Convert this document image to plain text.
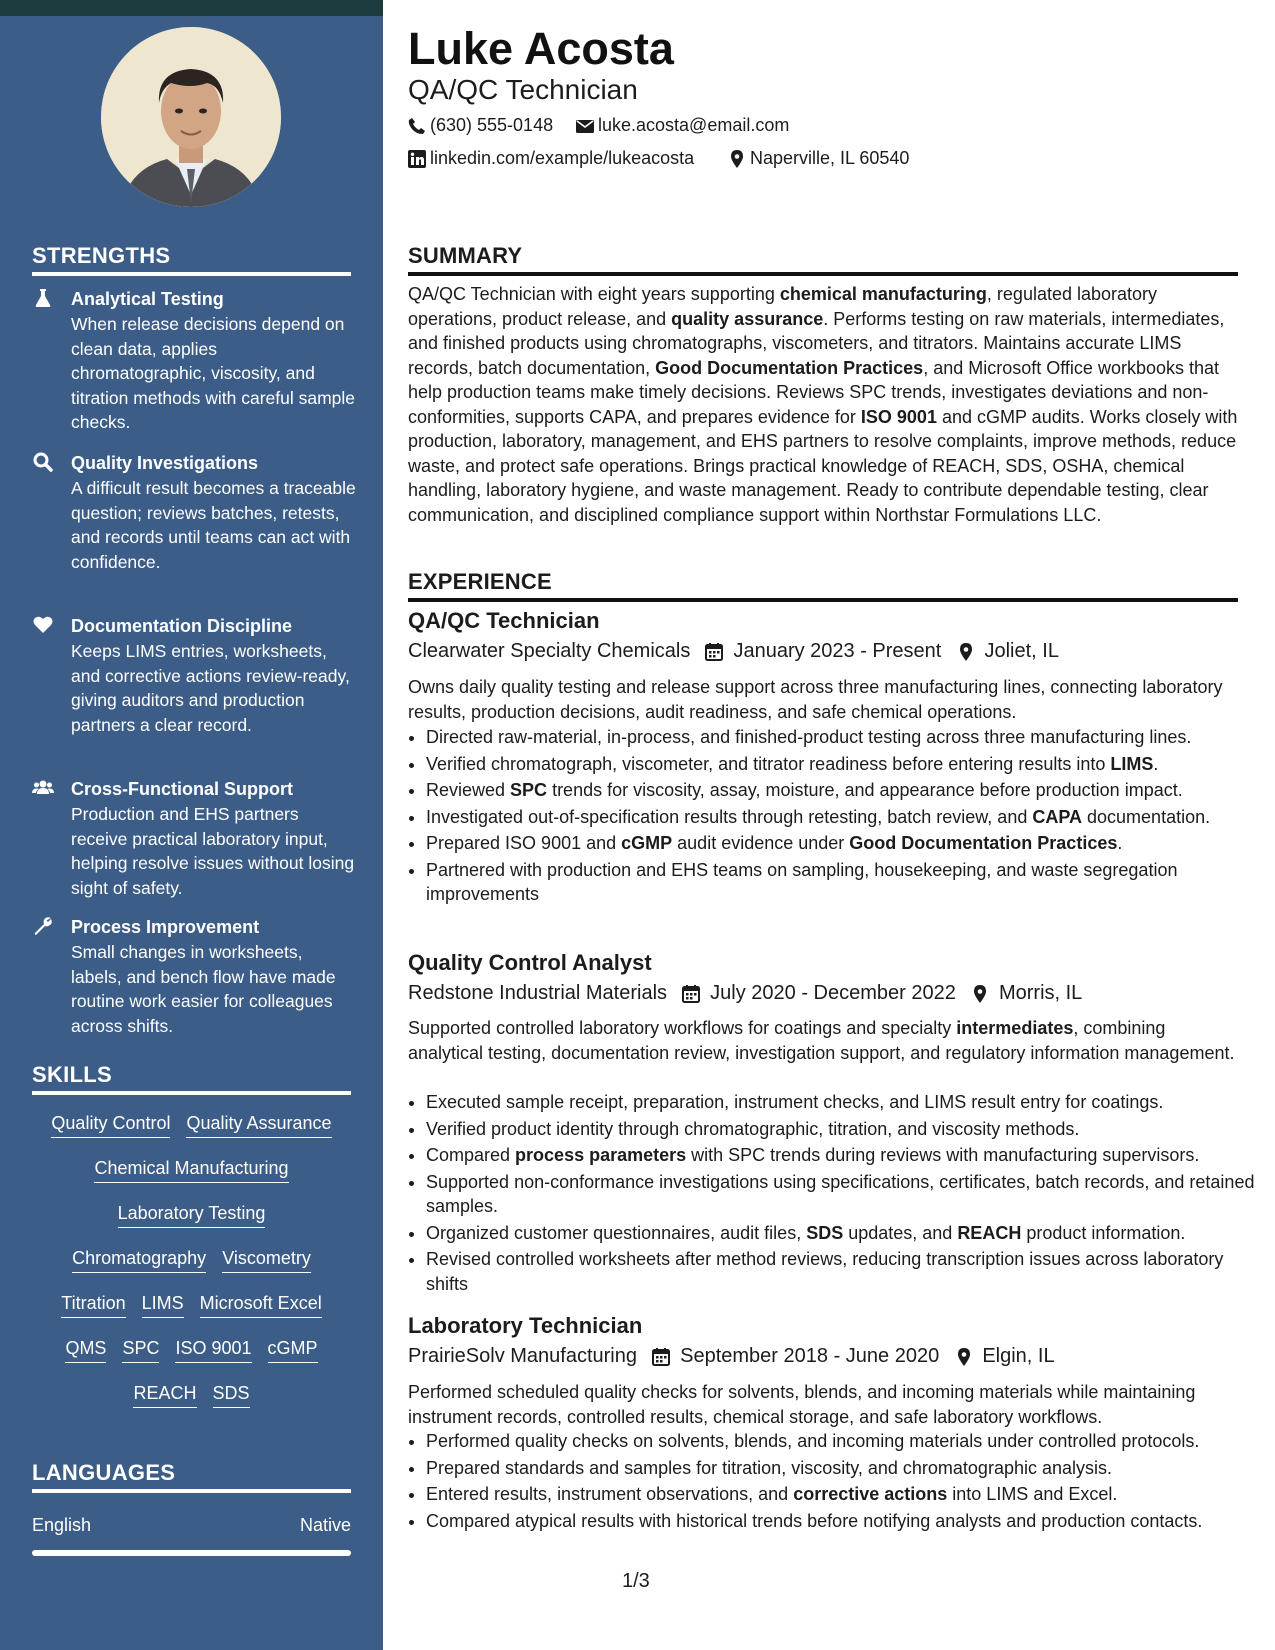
STRENGTHS
Analytical Testing
When release decisions depend on clean data, applies chromatographic, viscosity, and titration methods with careful sample checks.
Quality Investigations
A difficult result becomes a traceable question; reviews batches, retests, and records until teams can act with confidence.
Documentation Discipline
Keeps LIMS entries, worksheets, and corrective actions review-ready, giving auditors and production partners a clear record.
Cross-Functional Support
Production and EHS partners receive practical laboratory input, helping resolve issues without losing sight of safety.
Process Improvement
Small changes in worksheets, labels, and bench flow have made routine work easier for colleagues across shifts.
SKILLS
Quality Control Quality Assurance
Chemical Manufacturing
Laboratory Testing
Chromatography Viscometry
Titration LIMS Microsoft Excel
QMS SPC ISO 9001 cGMP
REACH SDS
LANGUAGES
English	Native
Luke Acosta
QA/QC Technician
(630) 555-0148 luke.acosta@email.com
linkedin.com/example/lukeacosta	Naperville, IL 60540
SUMMARY
QA/QC Technician with eight years supporting chemical manufacturing, regulated laboratory operations, product release, and quality assurance. Performs testing on raw materials, intermediates, and finished products using chromatographs, viscometers, and titrators. Maintains accurate LIMS records, batch documentation, Good Documentation Practices, and Microsoft Office workbooks that help production teams make timely decisions. Reviews SPC trends, investigates deviations and non-conformities, supports CAPA, and prepares evidence for ISO 9001 and cGMP audits. Works closely with production, laboratory, management, and EHS partners to resolve complaints, improve methods, reduce waste, and protect safe operations. Brings practical knowledge of REACH, SDS, OSHA, chemical handling, laboratory hygiene, and waste management. Ready to contribute dependable testing, clear communication, and disciplined compliance support within Northstar Formulations LLC.
EXPERIENCE
QA/QC Technician
Clearwater Specialty Chemicals January 2023 - Present Joliet, IL
Owns daily quality testing and release support across three manufacturing lines, connecting laboratory results, production decisions, audit readiness, and safe chemical operations.
• Directed raw-material, in-process, and finished-product testing across three manufacturing lines.
• Verified chromatograph, viscometer, and titrator readiness before entering results into LIMS.
• Reviewed SPC trends for viscosity, assay, moisture, and appearance before production impact.
• Investigated out-of-specification results through retesting, batch review, and CAPA documentation.
• Prepared ISO 9001 and cGMP audit evidence under Good Documentation Practices.
• Partnered with production and EHS teams on sampling, housekeeping, and waste segregation improvements
Quality Control Analyst
Redstone Industrial Materials July 2020 - December 2022 Morris, IL
Supported controlled laboratory workflows for coatings and specialty intermediates, combining analytical testing, documentation review, investigation support, and regulatory information management.
• Executed sample receipt, preparation, instrument checks, and LIMS result entry for coatings.
• Verified product identity through chromatographic, titration, and viscosity methods.
• Compared process parameters with SPC trends during reviews with manufacturing supervisors.
• Supported non-conformance investigations using specifications, certificates, batch records, and retained samples.
• Organized customer questionnaires, audit files, SDS updates, and REACH product information.
• Revised controlled worksheets after method reviews, reducing transcription issues across laboratory shifts
Laboratory Technician
PrairieSolv Manufacturing September 2018 - June 2020 Elgin, IL
Performed scheduled quality checks for solvents, blends, and incoming materials while maintaining instrument records, controlled results, chemical storage, and safe laboratory workflows.
• Performed quality checks on solvents, blends, and incoming materials under controlled protocols.
• Prepared standards and samples for titration, viscosity, and chromatographic analysis.
• Entered results, instrument observations, and corrective actions into LIMS and Excel.
• Compared atypical results with historical trends before notifying analysts and production contacts.
1/3
